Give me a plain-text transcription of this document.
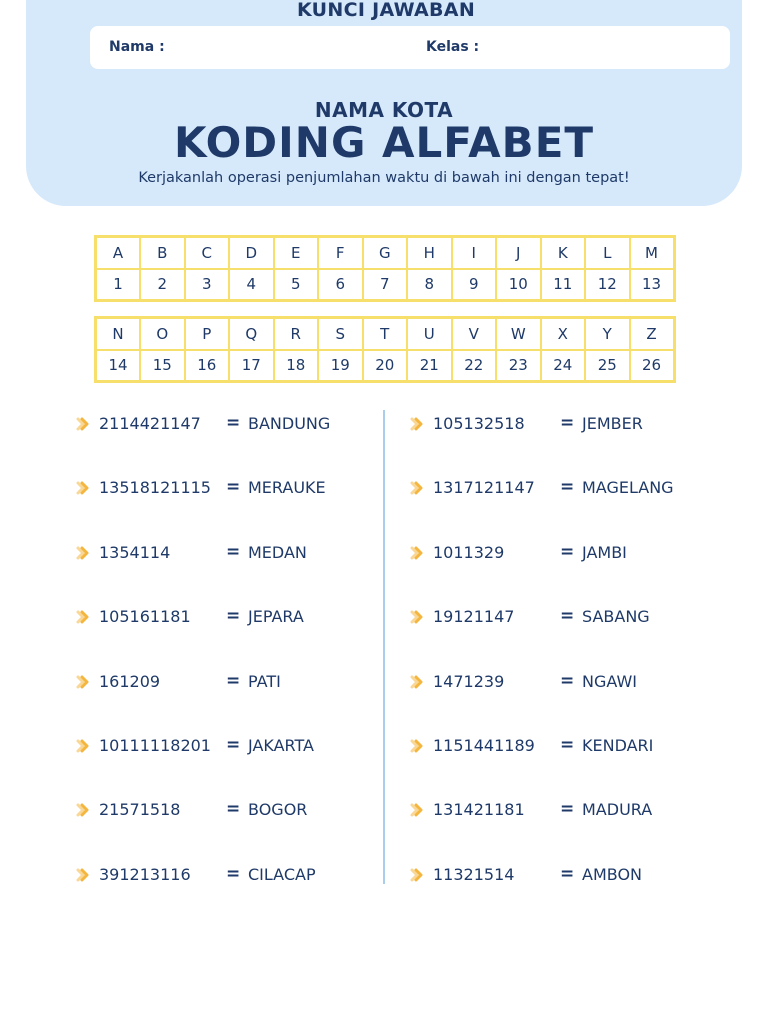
KUNCI JAWABAN
Nama :	Kelas :
NAMA KOTA
KODING ALFABET
Kerjakanlah operasi penjumlahan waktu di bawah ini dengan tepat!
A	B	C	D	E	F	G	H	I	J	K	L	M
1	2	3	4	5	6	7	8	9	10	11	12	13
N	O	P	Q	R	S	T	U	V	W	X	Y	Z
14	15	16	17	18	19	20	21	22	23	24	25	26
2114421147 = BANDUNG
13518121115 = MERAUKE
1354114	= MEDAN
105161181 = JEPARA
161209	= PATI
10111118201 = JAKARTA
21571518	= BOGOR
391213116 = CILACAP
105132518 = JEMBER
1317121147 = MAGELANG
1011329	= JAMBI
19121147	= SABANG
1471239	= NGAWI
1151441189 = KENDARI
131421181 = MADURA
11321514	= AMBON
